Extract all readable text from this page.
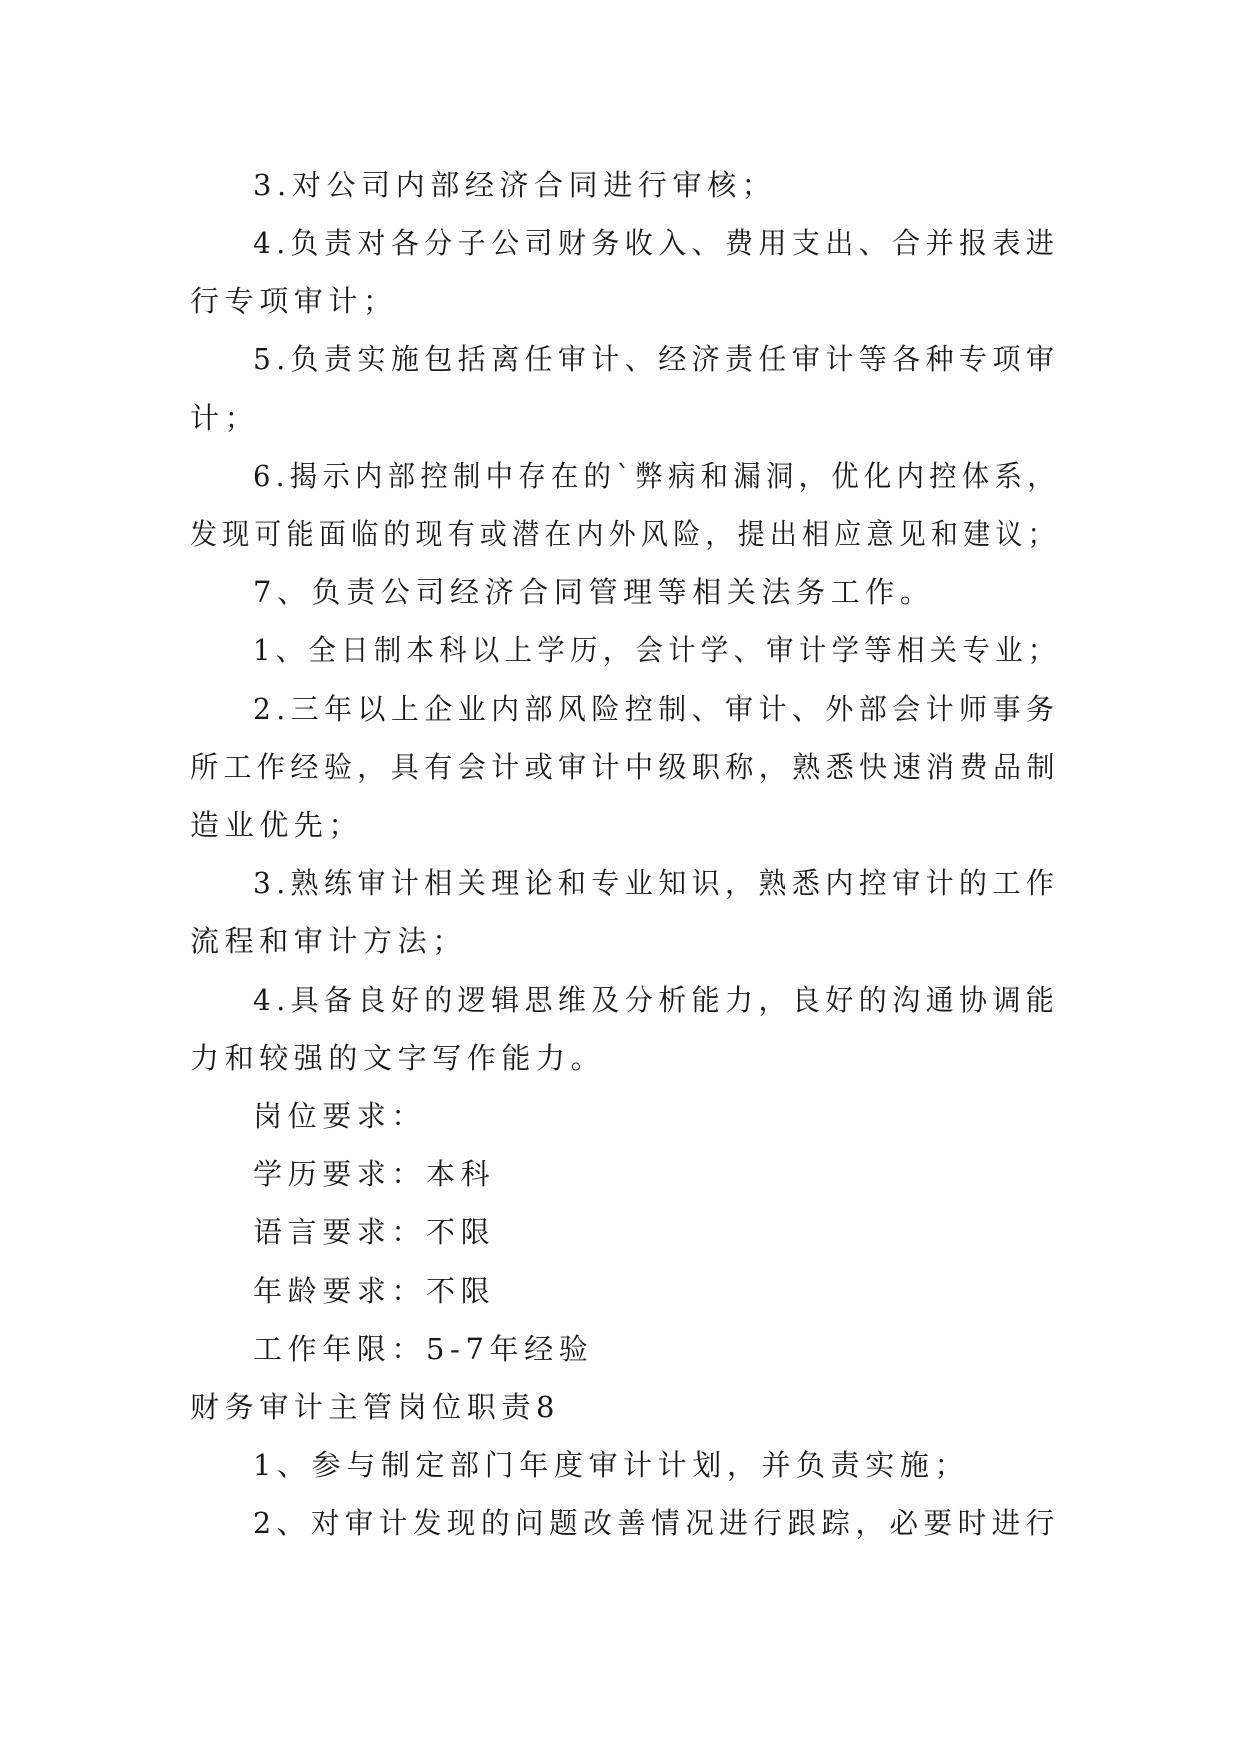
3.对公司内部经济合同进行审核；
4.负责对各分子公司财务收入、费用支出、合并报表进
行专项审计；
5.负责实施包括离任审计、经济责任审计等各种专项审
计；
6.揭示内部控制中存在的`弊病和漏洞，优化内控体系，
发现可能面临的现有或潜在内外风险，提出相应意见和建议；
7、负责公司经济合同管理等相关法务工作。
1、全日制本科以上学历，会计学、审计学等相关专业；
2.三年以上企业内部风险控制、审计、外部会计师事务
所工作经验，具有会计或审计中级职称，熟悉快速消费品制
造业优先；
3.熟练审计相关理论和专业知识，熟悉内控审计的工作
流程和审计方法；
4.具备良好的逻辑思维及分析能力，良好的沟通协调能
力和较强的文字写作能力。
岗位要求：
学历要求：本科
语言要求：不限
年龄要求：不限
工作年限：5-7年经验
财务审计主管岗位职责8
1、参与制定部门年度审计计划，并负责实施；
2、对审计发现的问题改善情况进行跟踪，必要时进行
